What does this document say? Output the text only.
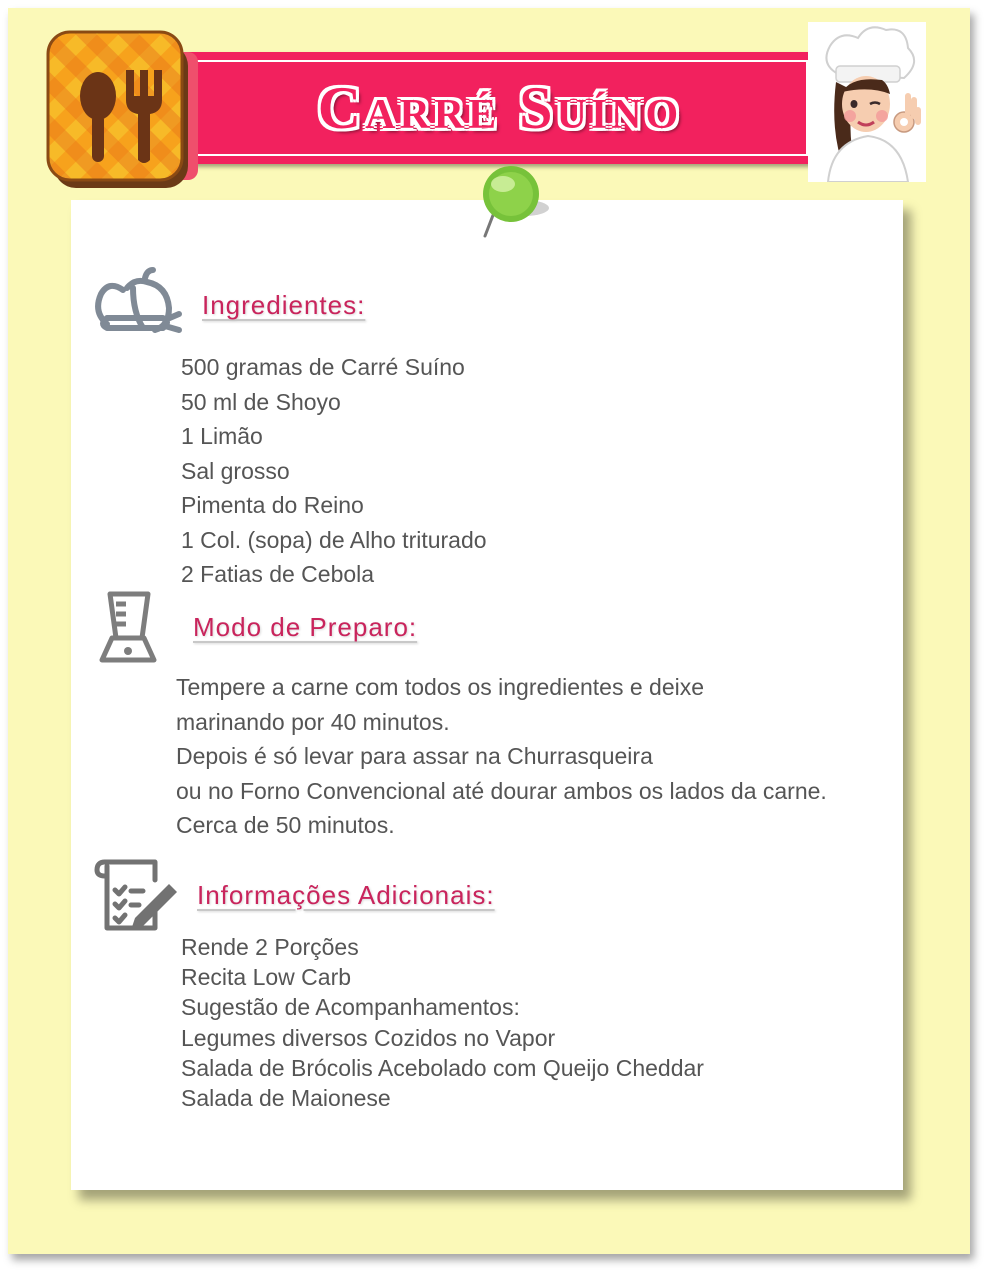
Carré Suíno
Ingredientes:
500 gramas de Carré Suíno
50 ml de Shoyo
1 Limão
Sal grosso
Pimenta do Reino
1 Col. (sopa) de Alho triturado
2 Fatias de Cebola
Modo de Preparo:
Tempere a carne com todos os ingredientes e deixe
marinando por 40 minutos.
Depois é só levar para assar na Churrasqueira
ou no Forno Convencional até dourar ambos os lados da carne.
Cerca de 50 minutos.
Informações Adicionais:
Rende 2 Porções
Recita Low Carb
Sugestão de Acompanhamentos:
Legumes diversos Cozidos no Vapor
Salada de Brócolis Acebolado com Queijo Cheddar
Salada de Maionese
